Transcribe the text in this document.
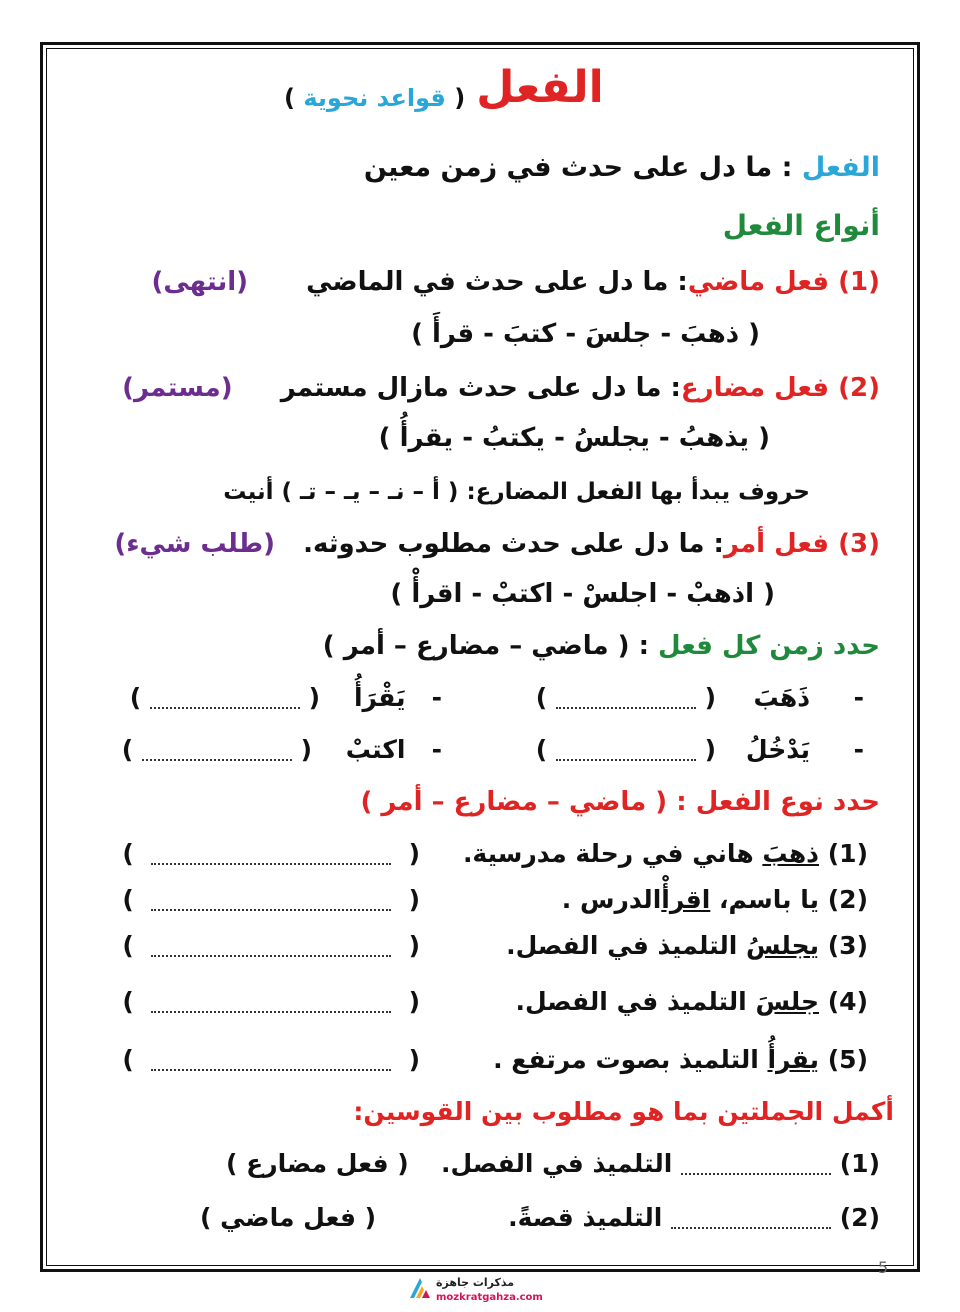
الفعل
( قواعد نحوية )
الفعل : ما دل على حدث في زمن معين
أنواع الفعل
(1) فعل ماضي: ما دل على حدث في الماضي  (انتهى)
( ذهبَ - جلسَ - كتبَ - قرأَ )
(2) فعل مضارع: ما دل على حدث مازال مستمر  (مستمر)
( يذهبُ - يجلسُ - يكتبُ - يقرأُ )
حروف يبدأ بها الفعل المضارع: ( أ – نـ – يـ – تـ ) أنيت
(3) فعل أمر: ما دل على حدث مطلوب حدوثه.  (طلب شيء)
( اذهبْ - اجلسْ - اكتبْ - اقرأْ )
حدد زمن كل فعل : ( ماضي – مضارع – أمر )
-     ذَهَبَ
(  )
-   يَقْرَأُ
(  )
-     يَدْخُلُ
(  )
-   اكتبْ
(  )
حدد نوع الفعل : ( ماضي – مضارع – أمر )
(1) ذهبَ هاني في رحلة مدرسية.
(    )
(2) يا باسم، اقرأْالدرس .
(    )
(3) يجلسُ التلميذ في الفصل.
(    )
(4) جلسَ التلميذ في الفصل.
(    )
(5) يقرأُ التلميذ بصوت مرتفع .
(    )
أكمل الجملتين بما هو مطلوب بين القوسين:
(1)  التلميذ في الفصل.
( فعل مضارع )
(2)  التلميذ قصةً.
( فعل ماضي )
مذكرات جاهزة
mozkratgahza.com
5
